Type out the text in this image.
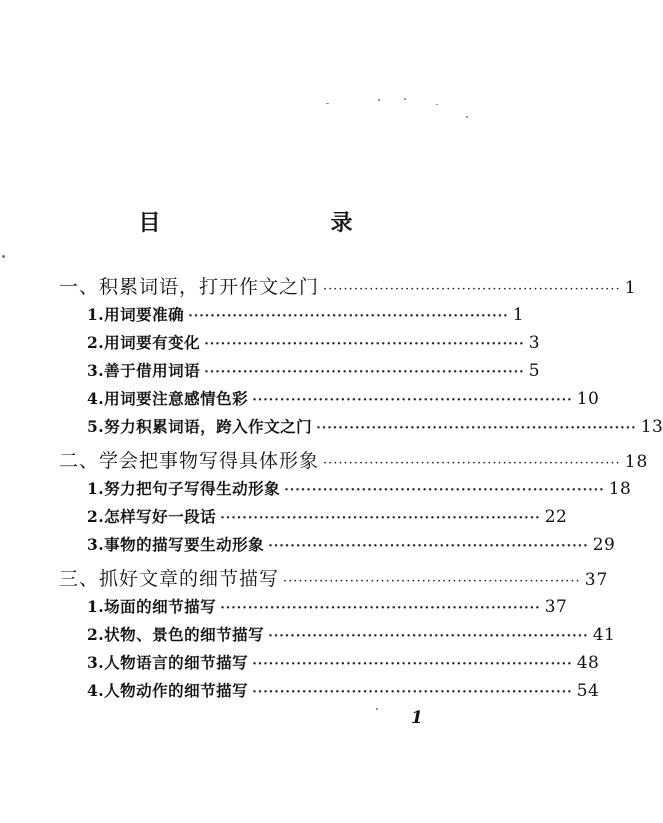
目　　录
一、积累词语，打开作文之门 ·························································· 1
1.用词要准确 ·························································· 1
2.用词要有变化 ·························································· 3
3.善于借用词语 ·························································· 5
4.用词要注意感情色彩 ·························································· 10
5.努力积累词语，跨入作文之门 ·························································· 13
二、学会把事物写得具体形象 ·························································· 18
1.努力把句子写得生动形象 ·························································· 18
2.怎样写好一段话 ·························································· 22
3.事物的描写要生动形象 ·························································· 29
三、抓好文章的细节描写 ·························································· 37
1.场面的细节描写 ·························································· 37
2.状物、景色的细节描写 ·························································· 41
3.人物语言的细节描写 ·························································· 48
4.人物动作的细节描写 ·························································· 54
1
